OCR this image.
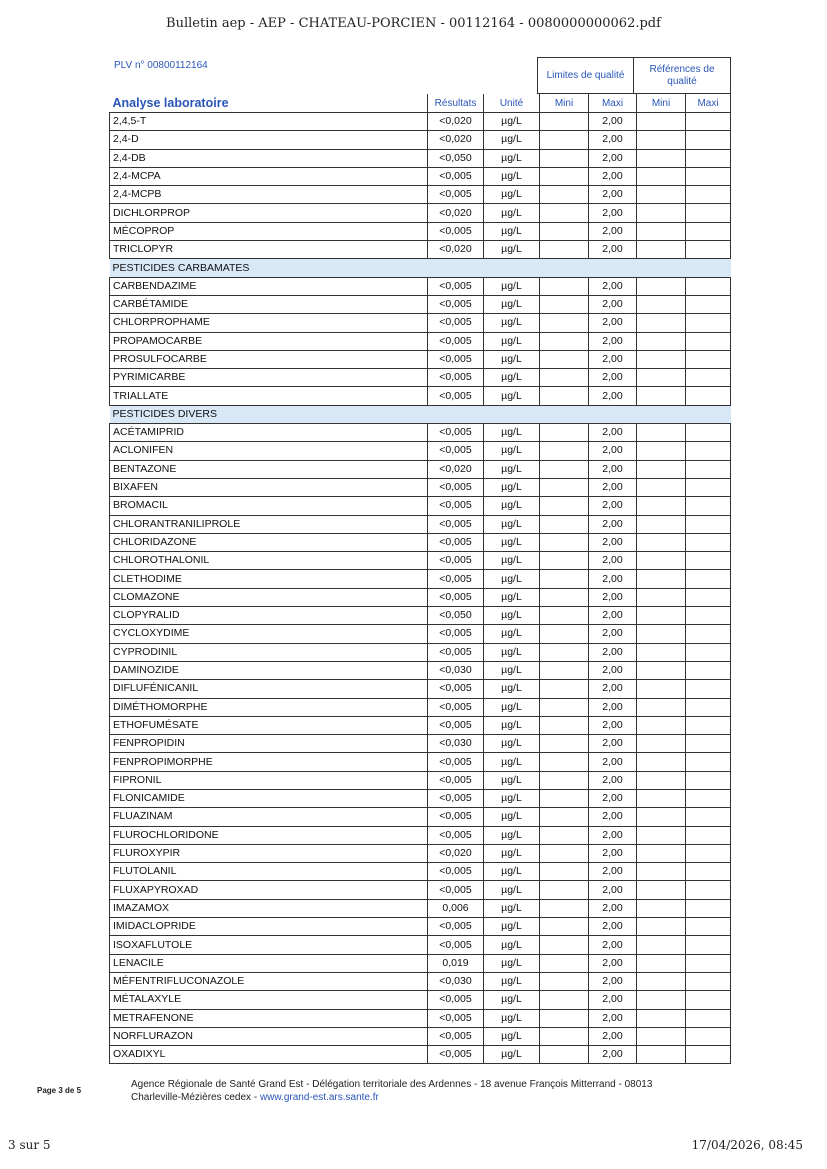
Bulletin aep - AEP - CHATEAU-PORCIEN - 00112164 - 0080000000062.pdf
PLV n° 00800112164
Limites de qualité
Références de qualité
Analyse laboratoire	Résultats	Unité	Mini	Maxi	Mini	Maxi
2,4,5-T	<0,020	µg/L		2,00		
2,4-D	<0,020	µg/L		2,00		
2,4-DB	<0,050	µg/L		2,00		
2,4-MCPA	<0,005	µg/L		2,00		
2,4-MCPB	<0,005	µg/L		2,00		
DICHLORPROP	<0,020	µg/L		2,00		
MÉCOPROP	<0,005	µg/L		2,00		
TRICLOPYR	<0,020	µg/L		2,00		
PESTICIDES CARBAMATES						
CARBENDAZIME	<0,005	µg/L		2,00		
CARBÉTAMIDE	<0,005	µg/L		2,00		
CHLORPROPHAME	<0,005	µg/L		2,00		
PROPAMOCARBE	<0,005	µg/L		2,00		
PROSULFOCARBE	<0,005	µg/L		2,00		
PYRIMICARBE	<0,005	µg/L		2,00		
TRIALLATE	<0,005	µg/L		2,00		
PESTICIDES DIVERS						
ACÉTAMIPRID	<0,005	µg/L		2,00		
ACLONIFEN	<0,005	µg/L		2,00		
BENTAZONE	<0,020	µg/L		2,00		
BIXAFEN	<0,005	µg/L		2,00		
BROMACIL	<0,005	µg/L		2,00		
CHLORANTRANILIPROLE	<0,005	µg/L		2,00		
CHLORIDAZONE	<0,005	µg/L		2,00		
CHLOROTHALONIL	<0,005	µg/L		2,00		
CLETHODIME	<0,005	µg/L		2,00		
CLOMAZONE	<0,005	µg/L		2,00		
CLOPYRALID	<0,050	µg/L		2,00		
CYCLOXYDIME	<0,005	µg/L		2,00		
CYPRODINIL	<0,005	µg/L		2,00		
DAMINOZIDE	<0,030	µg/L		2,00		
DIFLUFÉNICANIL	<0,005	µg/L		2,00		
DIMÉTHOMORPHE	<0,005	µg/L		2,00		
ETHOFUMÉSATE	<0,005	µg/L		2,00		
FENPROPIDIN	<0,030	µg/L		2,00		
FENPROPIMORPHE	<0,005	µg/L		2,00		
FIPRONIL	<0,005	µg/L		2,00		
FLONICAMIDE	<0,005	µg/L		2,00		
FLUAZINAM	<0,005	µg/L		2,00		
FLUROCHLORIDONE	<0,005	µg/L		2,00		
FLUROXYPIR	<0,020	µg/L		2,00		
FLUTOLANIL	<0,005	µg/L		2,00		
FLUXAPYROXAD	<0,005	µg/L		2,00		
IMAZAMOX	0,006	µg/L		2,00		
IMIDACLOPRIDE	<0,005	µg/L		2,00		
ISOXAFLUTOLE	<0,005	µg/L		2,00		
LENACILE	0,019	µg/L		2,00		
MÉFENTRIFLUCONAZOLE	<0,030	µg/L		2,00		
MÉTALAXYLE	<0,005	µg/L		2,00		
METRAFENONE	<0,005	µg/L		2,00		
NORFLURAZON	<0,005	µg/L		2,00		
OXADIXYL	<0,005	µg/L		2,00		
Page 3 de 5
Agence Régionale de Santé Grand Est - Délégation territoriale des Ardennes - 18 avenue François Mitterrand - 08013
Charleville-Mézières cedex - www.grand-est.ars.sante.fr
3 sur 5	17/04/2026, 08:45
